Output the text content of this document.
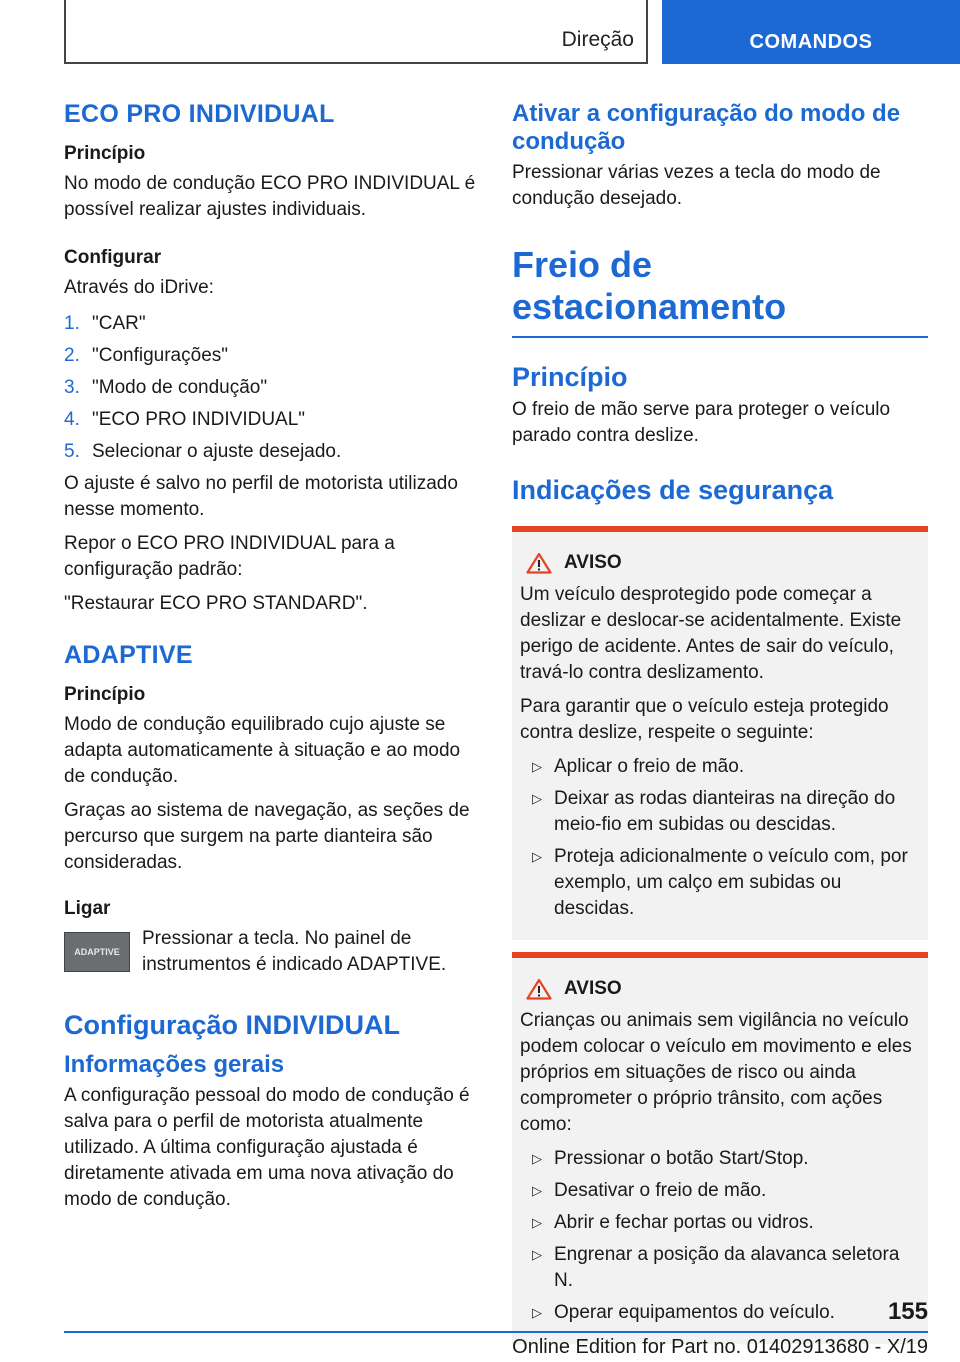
Direção	COMANDOS
ECO PRO INDIVIDUAL
Princípio

No modo de condução ECO PRO INDIVIDUAL é possível realizar ajustes individuais.

Configurar

Através do iDrive:

1. "CAR"
2. "Configurações"
3. "Modo de condução"
4. "ECO PRO INDIVIDUAL"
5. Selecionar o ajuste desejado.

O ajuste é salvo no perfil de motorista utilizado nesse momento.

Repor o ECO PRO INDIVIDUAL para a configuração padrão:

"Restaurar ECO PRO STANDARD".

ADAPTIVE
Princípio

Modo de condução equilibrado cujo ajuste se adapta automaticamente à situação e ao modo de condução.

Graças ao sistema de navegação, as seções de percurso que surgem na parte dianteira são consideradas.

Ligar
ADAPTIVE

Pressionar a tecla. No painel de instrumentos é indicado ADAPTIVE.

Configuração INDIVIDUAL
Informações gerais

A configuração pessoal do modo de condução é salva para o perfil de motorista atualmente utilizado. A última configuração ajustada é diretamente ativada em uma nova ativação do modo de condução.

Ativar a configuração do modo de condução

Pressionar várias vezes a tecla do modo de condução desejado.

Freio de estacionamento
Princípio

O freio de mão serve para proteger o veículo parado contra deslize.

Indicações de segurança
AVISO

Um veículo desprotegido pode começar a deslizar e deslocar-se acidentalmente. Existe perigo de acidente. Antes de sair do veículo, travá-lo contra deslizamento.

Para garantir que o veículo esteja protegido contra deslize, respeite o seguinte:

▷ Aplicar o freio de mão.
▷ Deixar as rodas dianteiras na direção do meio-fio em subidas ou descidas.
▷ Proteja adicionalmente o veículo com, por exemplo, um calço em subidas ou descidas.
AVISO

Crianças ou animais sem vigilância no veículo podem colocar o veículo em movimento e eles próprios em situações de risco ou ainda comprometer o próprio trânsito, com ações como:

▷ Pressionar o botão Start/Stop.
▷ Desativar o freio de mão.
▷ Abrir e fechar portas ou vidros.
▷ Engrenar a posição da alavanca seletora N.
▷ Operar equipamentos do veículo. 155
Online Edition for Part no. 01402913680 - X/19
